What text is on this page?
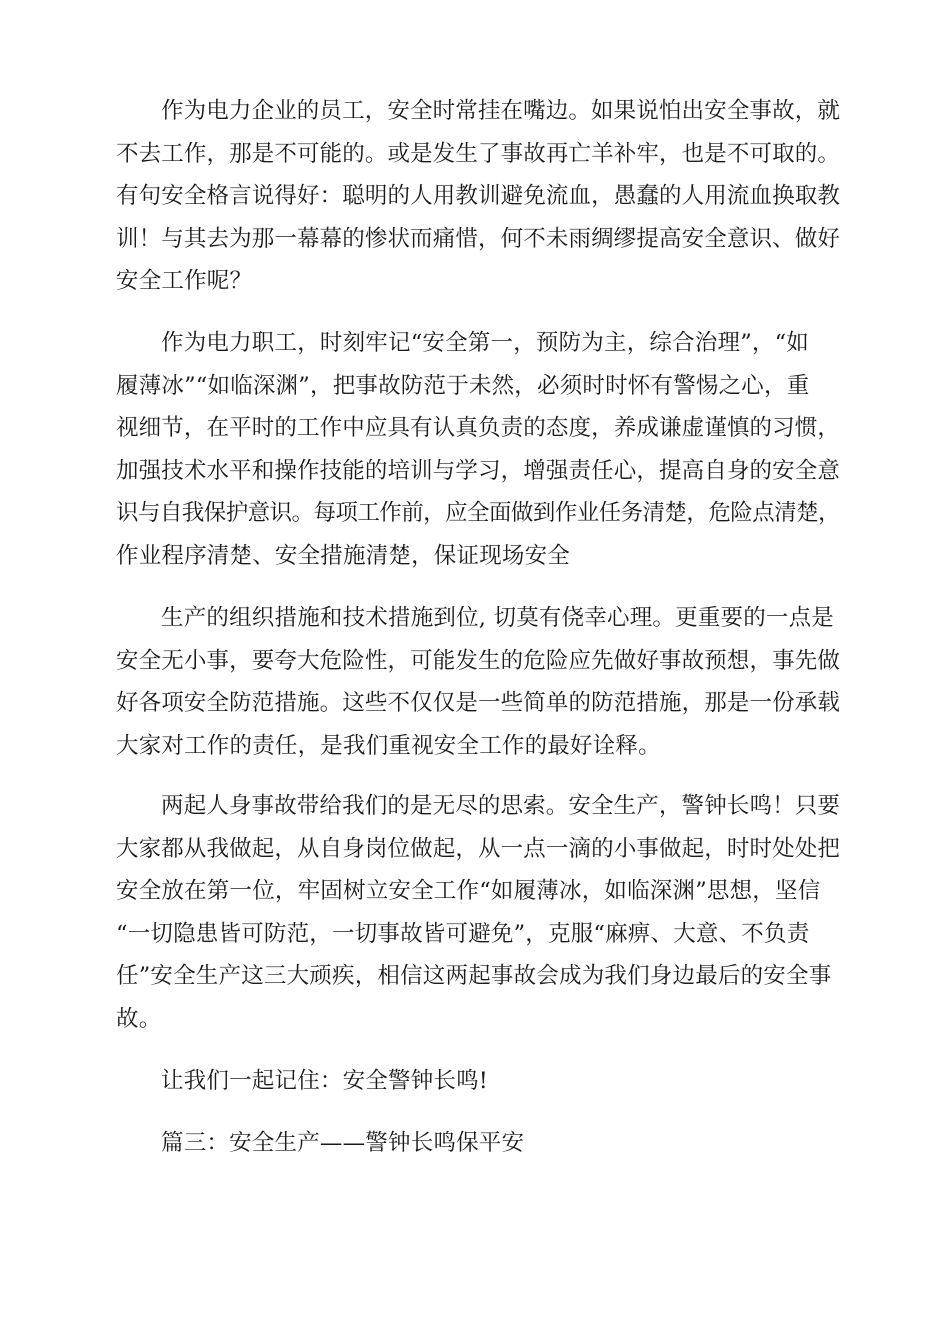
作为电力企业的员工，安全时常挂在嘴边。如果说怕出安全事故，就
不去工作，那是不可能的。或是发生了事故再亡羊补牢，也是不可取的。
有句安全格言说得好：聪明的人用教训避免流血，愚蠢的人用流血换取教
训！与其去为那一幕幕的惨状而痛惜，何不未雨绸缪提高安全意识、做好
安全工作呢？
作为电力职工，时刻牢记“安全第一，预防为主，综合治理”，“如
履薄冰”“如临深渊”，把事故防范于未然，必须时时怀有警惕之心，重
视细节，在平时的工作中应具有认真负责的态度，养成谦虚谨慎的习惯，
加强技术水平和操作技能的培训与学习，增强责任心，提高自身的安全意
识与自我保护意识。每项工作前，应全面做到作业任务清楚，危险点清楚，
作业程序清楚、安全措施清楚，保证现场安全
生产的组织措施和技术措施到位, 切莫有侥幸心理。更重要的一点是
安全无小事，要夸大危险性，可能发生的危险应先做好事故预想，事先做
好各项安全防范措施。这些不仅仅是一些简单的防范措施，那是一份承载
大家对工作的责任，是我们重视安全工作的最好诠释。
两起人身事故带给我们的是无尽的思索。安全生产，警钟长鸣！只要
大家都从我做起，从自身岗位做起，从一点一滴的小事做起，时时处处把
安全放在第一位，牢固树立安全工作“如履薄冰，如临深渊”思想，坚信
“一切隐患皆可防范，一切事故皆可避免”，克服“麻痹、大意、不负责
任”安全生产这三大顽疾，相信这两起事故会成为我们身边最后的安全事
故。
让我们一起记住：安全警钟长鸣!
篇三：安全生产——警钟长鸣保平安
